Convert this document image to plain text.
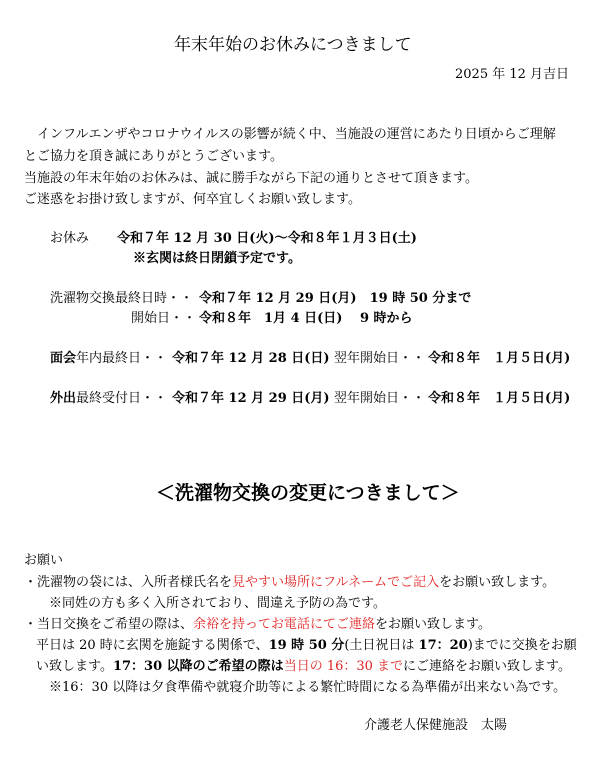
年末年始のお休みにつきまして
2025 年 12 月吉日
　インフルエンザやコロナウイルスの影響が続く中、当施設の運営にあたり日頃からご理解
とご協力を頂き誠にありがとうございます。
当施設の年末年始のお休みは、誠に勝手ながら下記の通りとさせて頂きます。
ご迷惑をお掛け致しますが、何卒宜しくお願い致します。
お休み 令和７年 12 月 30 日(火)〜令和８年１月３日(土)
※玄関は終日閉鎖予定です。
洗濯物交換最終日時・・ 令和７年 12 月 29 日(月)　19 時 50 分まで
開始日・・ 令和８年　1月 4 日(日)　 9 時から
面会年内最終日・・ 令和７年 12 月 28 日(日) 翌年開始日・・ 令和８年　１月５日(月)
外出最終受付日・・ 令和７年 12 月 29 日(月) 翌年開始日・・ 令和８年　１月５日(月)
＜洗濯物交換の変更につきまして＞
お願い
・洗濯物の袋には、入所者様氏名を見やすい場所にフルネームでご記入をお願い致します。
※同姓の方も多く入所されており、間違え予防の為です。
・当日交換をご希望の際は、余裕を持ってお電話にてご連絡をお願い致します。
平日は 20 時に玄関を施錠する関係で、19 時 50 分(土日祝日は 17：20)までに交換をお願
い致します。17：30 以降のご希望の際は当日の 16：30 までにご連絡をお願い致します。
※16：30 以降は夕食準備や就寝介助等による繁忙時間になる為準備が出来ない為です。
介護老人保健施設　太陽
